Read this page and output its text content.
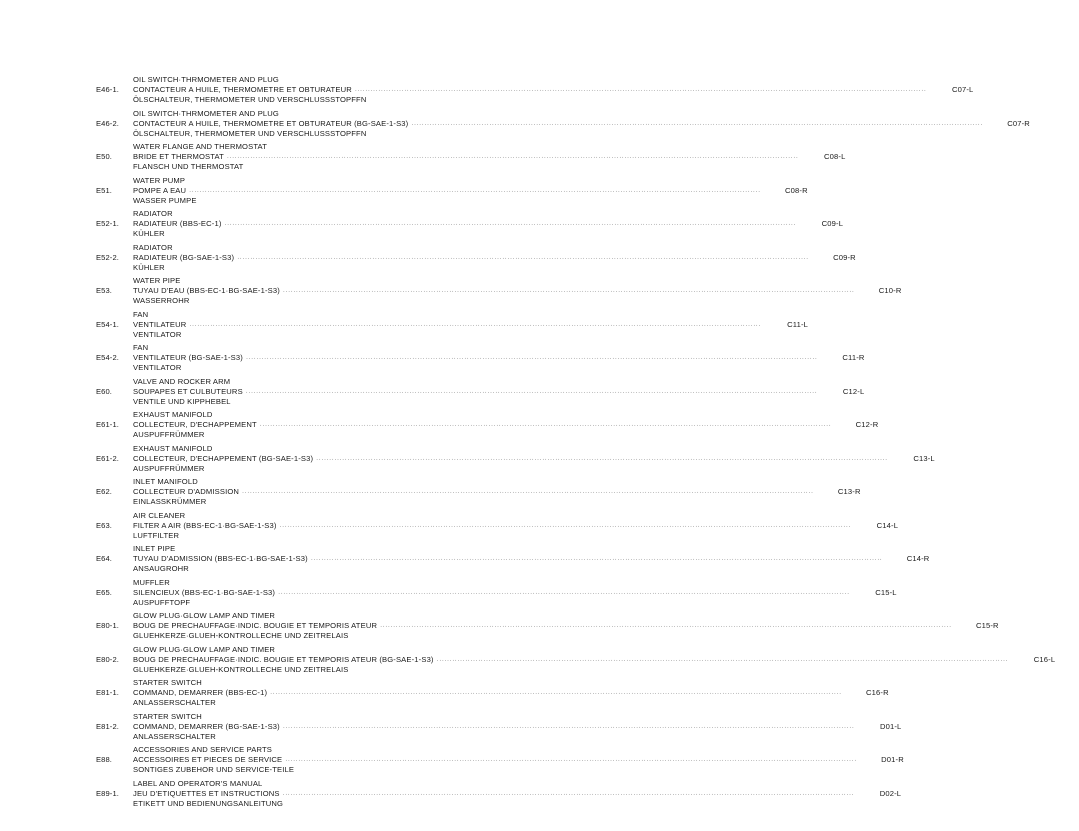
E46-1.
OIL SWITCH·THRMOMETER AND PLUG
CONTACTEUR A HUILE, THERMOMETRE ET OBTURATEUR ····························································································································································································································	C07-L
ÖLSCHALTEUR, THERMOMETER UND VERSCHLUSSSTOPFFN
E46-2.
OIL SWITCH·THRMOMETER AND PLUG
CONTACTEUR A HUILE, THERMOMETRE ET OBTURATEUR (BG-SAE-1-S3) ····························································································································································································································	C07-R
ÖLSCHALTEUR, THERMOMETER UND VERSCHLUSSSTOPFFN
E50.
WATER FLANGE AND THERMOSTAT
BRIDE ET THERMOSTAT ····························································································································································································································	C08-L
FLANSCH UND THERMOSTAT
E51.
WATER PUMP
POMPE A EAU ····························································································································································································································	C08-R
WASSER PUMPE
E52-1.
RADIATOR
RADIATEUR (BBS-EC-1) ····························································································································································································································	C09-L
KÜHLER
E52-2.
RADIATOR
RADIATEUR (BG-SAE-1-S3) ····························································································································································································································	C09-R
KÜHLER
E53.
WATER PIPE
TUYAU D'EAU (BBS-EC-1·BG-SAE-1-S3) ····························································································································································································································	C10-R
WASSERROHR
E54-1.
FAN
VENTILATEUR ····························································································································································································································	C11-L
VENTILATOR
E54-2.
FAN
VENTILATEUR (BG-SAE-1-S3) ····························································································································································································································	C11-R
VENTILATOR
E60.
VALVE AND ROCKER ARM
SOUPAPES ET CULBUTEURS ····························································································································································································································	C12-L
VENTILE UND KIPPHEBEL
E61-1.
EXHAUST MANIFOLD
COLLECTEUR, D'ECHAPPEMENT ····························································································································································································································	C12-R
AUSPUFFRÜMMER
E61-2.
EXHAUST MANIFOLD
COLLECTEUR, D'ECHAPPEMENT (BG-SAE-1-S3) ····························································································································································································································	C13-L
AUSPUFFRÜMMER
E62.
INLET MANIFOLD
COLLECTEUR D'ADMISSION ····························································································································································································································	C13-R
EINLASSKRÜMMER
E63.
AIR CLEANER
FILTER A AIR (BBS-EC-1·BG-SAE-1-S3) ····························································································································································································································	C14-L
LUFTFILTER
E64.
INLET PIPE
TUYAU D'ADMISSION (BBS-EC-1·BG-SAE-1-S3) ····························································································································································································································	C14-R
ANSAUGROHR
E65.
MUFFLER
SILENCIEUX (BBS-EC-1·BG-SAE-1-S3) ····························································································································································································································	C15-L
AUSPUFFTOPF
E80-1.
GLOW PLUG·GLOW LAMP AND TIMER
BOUG DE PRECHAUFFAGE·INDIC. BOUGIE ET TEMPORIS ATEUR ····························································································································································································································	C15-R
GLUEHKERZE·GLUEH-KONTROLLECHE UND ZEITRELAIS
E80-2.
GLOW PLUG·GLOW LAMP AND TIMER
BOUG DE PRECHAUFFAGE·INDIC. BOUGIE ET TEMPORIS ATEUR (BG-SAE-1-S3) ····························································································································································································································	C16-L
GLUEHKERZE·GLUEH-KONTROLLECHE UND ZEITRELAIS
E81-1.
STARTER SWITCH
COMMAND, DEMARRER (BBS-EC-1) ····························································································································································································································	C16-R
ANLASSERSCHALTER
E81-2.
STARTER SWITCH
COMMAND, DEMARRER (BG-SAE-1-S3) ····························································································································································································································	D01-L
ANLASSERSCHALTER
E88.
ACCESSORIES AND SERVICE PARTS
ACCESSOIRES ET PIECES DE SERVICE ····························································································································································································································	D01-R
SONTIGES ZUBEHOR UND SERVICE-TEILE
E89-1.
LABEL AND OPERATOR'S MANUAL
JEU D'ETIQUETTES ET INSTRUCTIONS ····························································································································································································································	D02-L
ETIKETT UND BEDIENUNGSANLEITUNG
